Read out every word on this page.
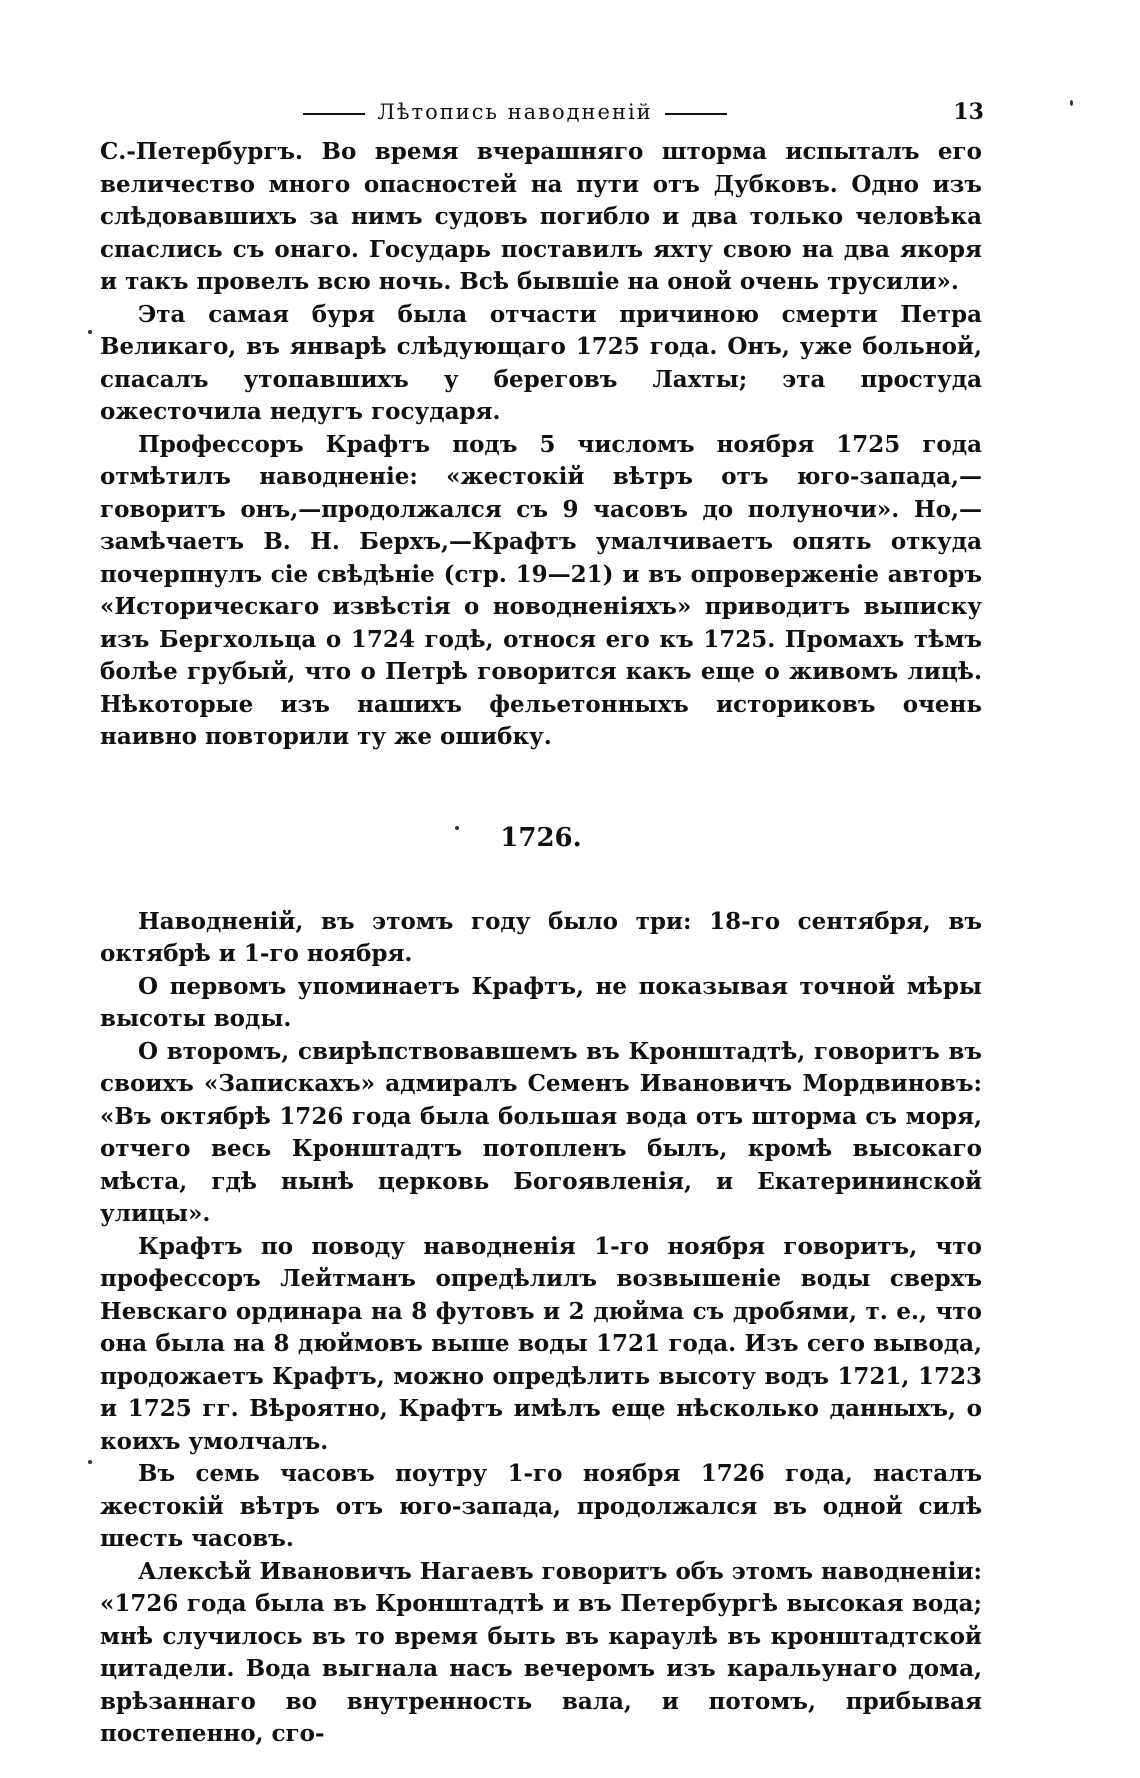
Лѣтопись наводненій	13

С.-Петербургъ. Во время вчерашняго шторма испыталъ его величество много опасностей на пути отъ Дубковъ. Одно изъ слѣдовавшихъ за нимъ судовъ погибло и два только человѣка спаслись съ онаго. Государь поставилъ яхту свою на два якоря и такъ провелъ всю ночь. Всѣ бывшіе на оной очень трусили».

Эта самая буря была отчасти причиною смерти Петра Великаго, въ январѣ слѣдующаго 1725 года. Онъ, уже больной, спасалъ утопавшихъ у береговъ Лахты; эта простуда ожесточила недугъ государя.

Профессоръ Крафтъ подъ 5 числомъ ноября 1725 года отмѣтилъ наводненіе: «жестокій вѣтръ отъ юго-запада,—говоритъ онъ,—продолжался съ 9 часовъ до полуночи». Но,—замѣчаетъ В. Н. Берхъ,—Крафтъ умалчиваетъ опять откуда почерпнулъ сіе свѣдѣніе (стр. 19—21) и въ опроверженіе авторъ «Историческаго извѣстія о новодненіяхъ» приводитъ выписку изъ Бергхольца о 1724 годѣ, относя его къ 1725. Промахъ тѣмъ болѣе грубый, что о Петрѣ говорится какъ еще о живомъ лицѣ. Нѣкоторые изъ нашихъ фельетонныхъ историковъ очень наивно повторили ту же ошибку.

1726.

Наводненій, въ этомъ году было три: 18-го сентября, въ октябрѣ и 1-го ноября.

О первомъ упоминаетъ Крафтъ, не показывая точной мѣры высоты воды.

О второмъ, свирѣпствовавшемъ въ Кронштадтѣ, говоритъ въ своихъ «Запискахъ» адмиралъ Семенъ Ивановичъ Мордвиновъ: «Въ октябрѣ 1726 года была большая вода отъ шторма съ моря, отчего весь Кронштадтъ потопленъ былъ, кромѣ высокаго мѣста, гдѣ нынѣ церковь Богоявленія, и Екатерининской улицы».

Крафтъ по поводу наводненія 1-го ноября говоритъ, что профессоръ Лейтманъ опредѣлилъ возвышеніе воды сверхъ Невскаго ординара на 8 футовъ и 2 дюйма съ дробями, т. е., что она была на 8 дюймовъ выше воды 1721 года. Изъ сего вывода, продожаетъ Крафтъ, можно опредѣлить высоту водъ 1721, 1723 и 1725 гг. Вѣроятно, Крафтъ имѣлъ еще нѣсколько данныхъ, о коихъ умолчалъ.

Въ семь часовъ поутру 1-го ноября 1726 года, насталъ жестокій вѣтръ отъ юго-запада, продолжался въ одной силѣ шесть часовъ.

Алексѣй Ивановичъ Нагаевъ говоритъ объ этомъ наводненіи: «1726 года была въ Кронштадтѣ и въ Петербургѣ высокая вода; мнѣ случилось въ то время быть въ караулѣ въ кронштадтской цитадели. Вода выгнала насъ вечеромъ изъ каральунаго дома, врѣзаннаго во внутренность вала, и потомъ, прибывая постепенно, сго-
